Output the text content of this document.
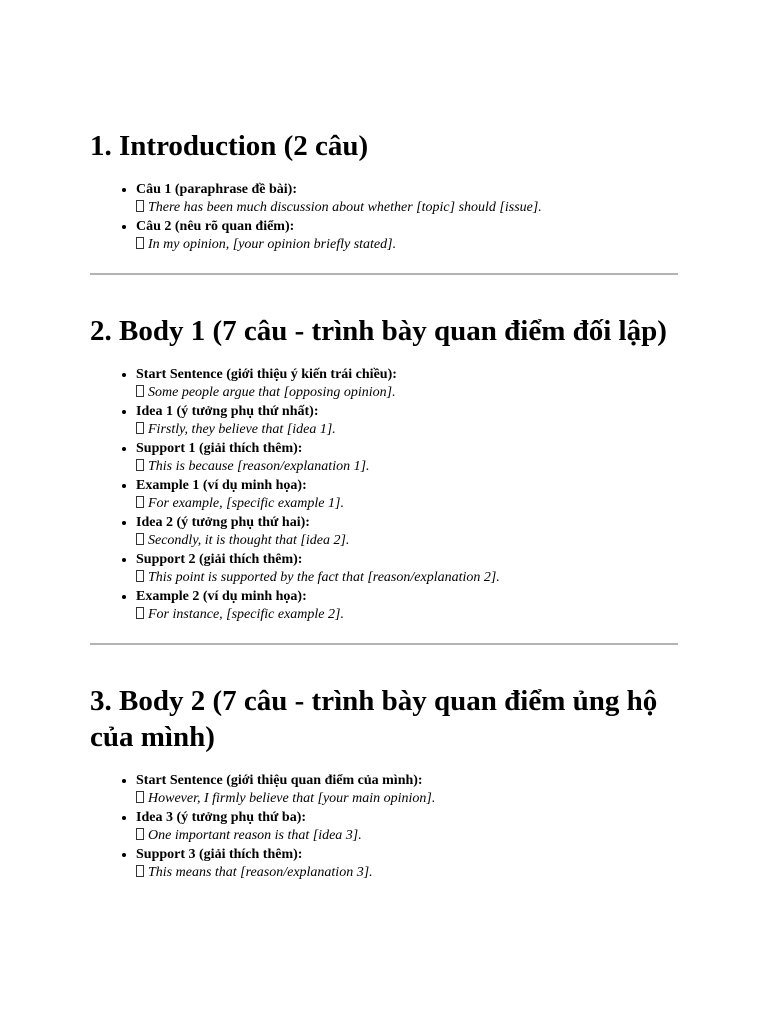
1. Introduction (2 câu)
• Câu 1 (paraphrase đề bài):
There has been much discussion about whether [topic] should [issue].
• Câu 2 (nêu rõ quan điểm):
In my opinion, [your opinion briefly stated].
2. Body 1 (7 câu - trình bày quan điểm đối lập)
• Start Sentence (giới thiệu ý kiến trái chiều):
Some people argue that [opposing opinion].
• Idea 1 (ý tưởng phụ thứ nhất):
Firstly, they believe that [idea 1].
• Support 1 (giải thích thêm):
This is because [reason/explanation 1].
• Example 1 (ví dụ minh họa):
For example, [specific example 1].
• Idea 2 (ý tưởng phụ thứ hai):
Secondly, it is thought that [idea 2].
• Support 2 (giải thích thêm):
This point is supported by the fact that [reason/explanation 2].
• Example 2 (ví dụ minh họa):
For instance, [specific example 2].
3. Body 2 (7 câu - trình bày quan điểm ủng hộ của mình)
• Start Sentence (giới thiệu quan điểm của mình):
However, I firmly believe that [your main opinion].
• Idea 3 (ý tưởng phụ thứ ba):
One important reason is that [idea 3].
• Support 3 (giải thích thêm):
This means that [reason/explanation 3].
